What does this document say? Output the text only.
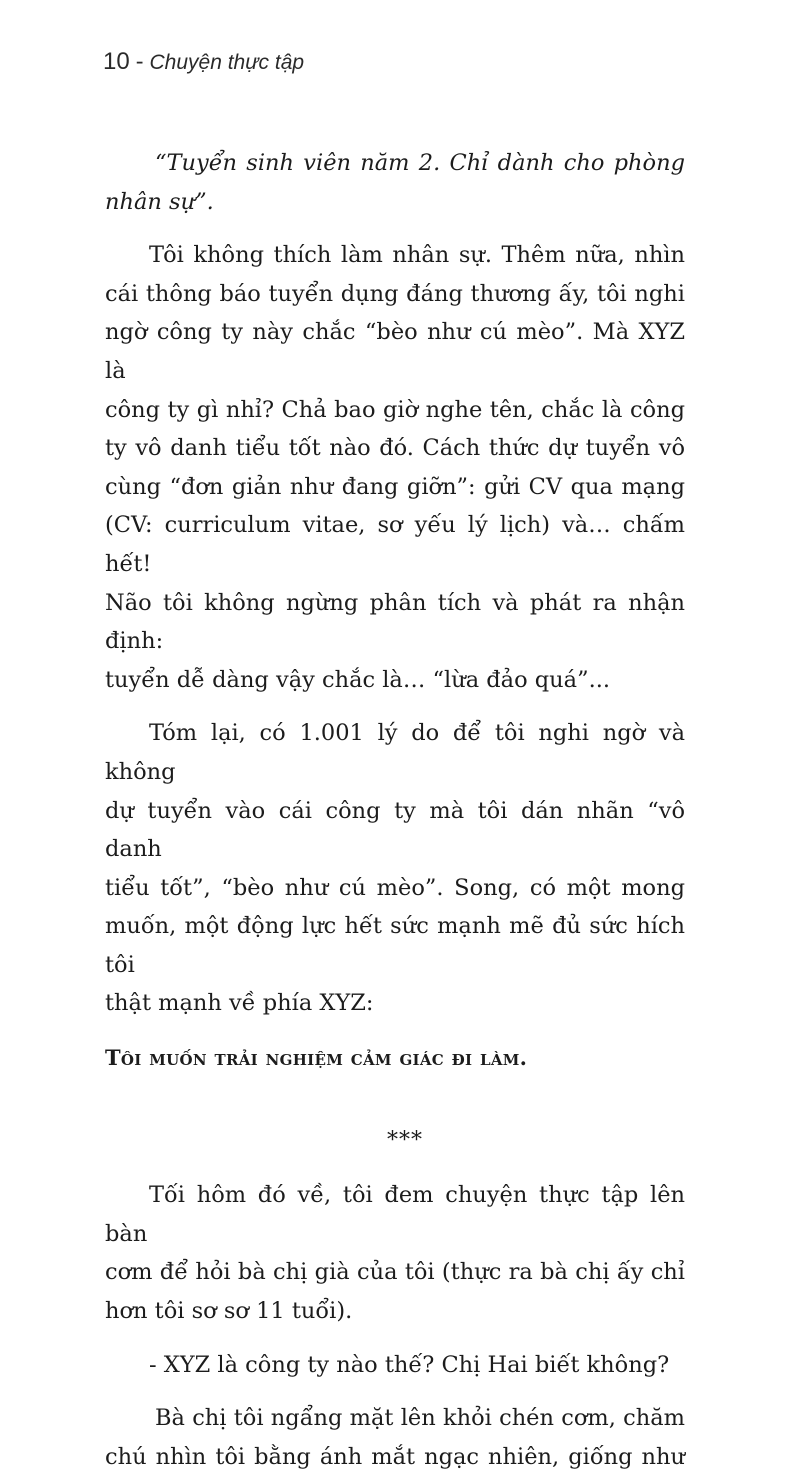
10 - Chuyện thực tập

“Tuyển sinh viên năm 2. Chỉ dành cho phòng
nhân sự”.

Tôi không thích làm nhân sự. Thêm nữa, nhìn
cái thông báo tuyển dụng đáng thương ấy, tôi nghi
ngờ công ty này chắc “bèo như cú mèo”. Mà XYZ là
công ty gì nhỉ? Chả bao giờ nghe tên, chắc là công
ty vô danh tiểu tốt nào đó. Cách thức dự tuyển vô
cùng “đơn giản như đang giỡn”: gửi CV qua mạng
(CV: curriculum vitae, sơ yếu lý lịch) và… chấm hết!
Não tôi không ngừng phân tích và phát ra nhận định:
tuyển dễ dàng vậy chắc là… “lừa đảo quá”...

Tóm lại, có 1.001 lý do để tôi nghi ngờ và không
dự tuyển vào cái công ty mà tôi dán nhãn “vô danh
tiểu tốt”, “bèo như cú mèo”. Song, có một mong
muốn, một động lực hết sức mạnh mẽ đủ sức hích tôi
thật mạnh về phía XYZ:

Tôi muốn trải nghiệm cảm giác đi làm.

***

Tối hôm đó về, tôi đem chuyện thực tập lên bàn
cơm để hỏi bà chị già của tôi (thực ra bà chị ấy chỉ
hơn tôi sơ sơ 11 tuổi).

- XYZ là công ty nào thế? Chị Hai biết không?

Bà chị tôi ngẩng mặt lên khỏi chén cơm, chăm
chú nhìn tôi bằng ánh mắt ngạc nhiên, giống như
